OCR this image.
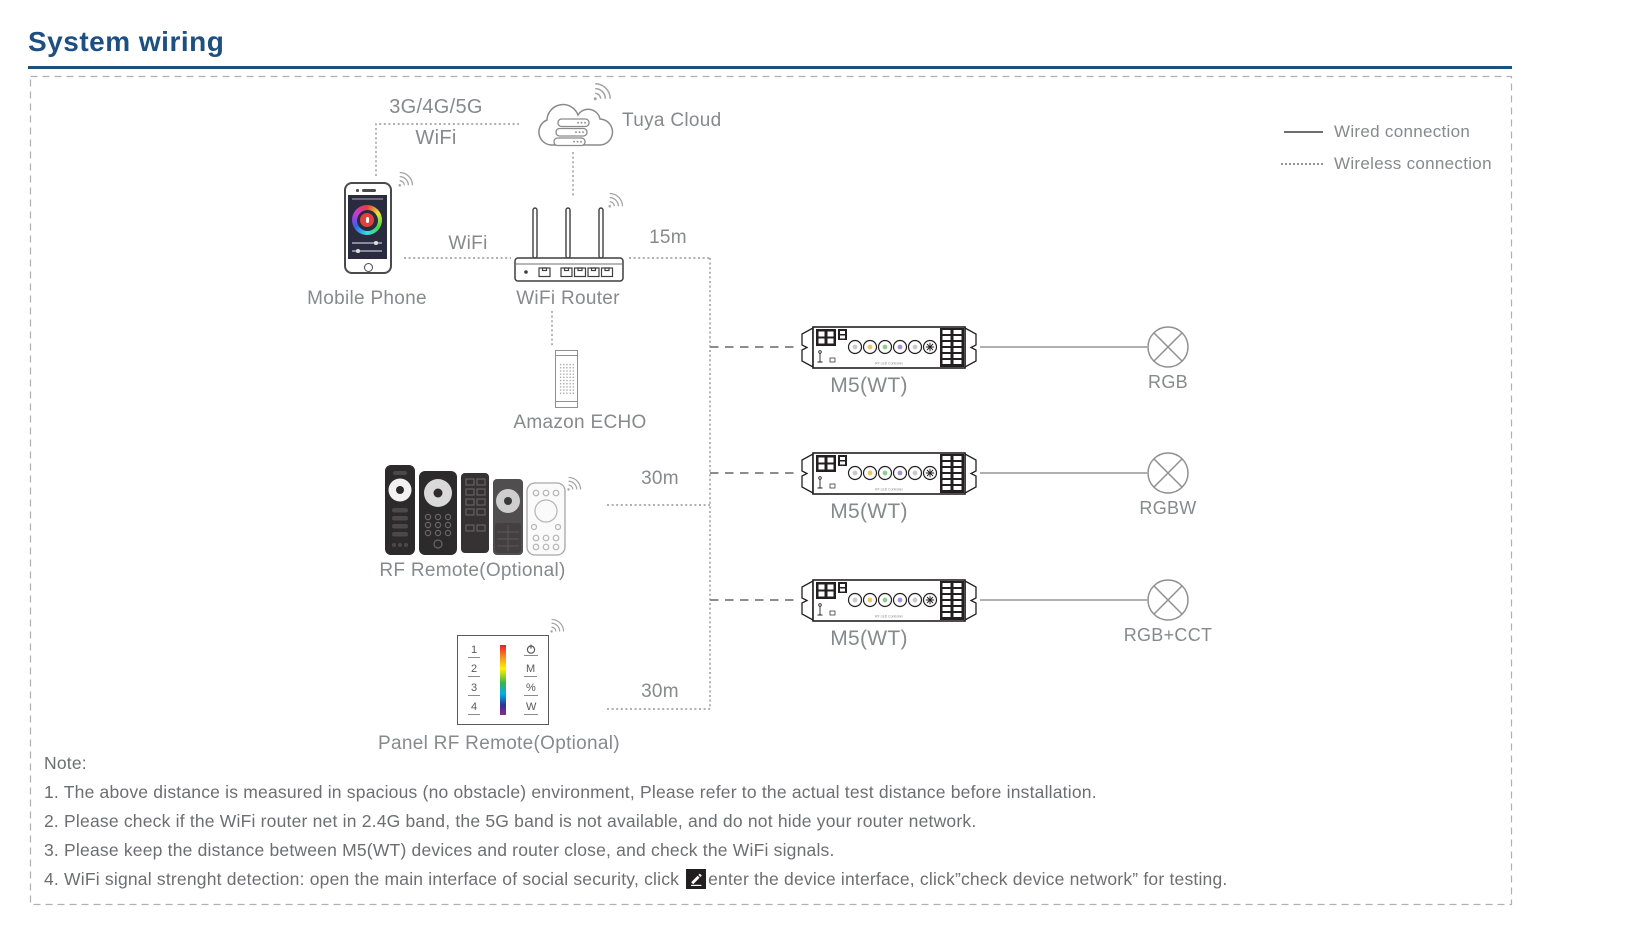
System wiring
Wired connection
Wireless connection
3G/4G/5G
WiFi
Tuya Cloud
WiFi	15m
30m
30m
Mobile Phone	WiFi Router
Amazon ECHO
RF Remote(Optional)
1
2
3
4
M
%
W
Panel RF Remote(Optional)
M5(WT)
M5(WT)
M5(WT)
RGB
RGBW
RGB+CCT
Note:
1. The above distance is measured in spacious (no obstacle) environment, Please refer to the actual test distance before installation.
2. Please check if the WiFi router net in 2.4G band, the 5G band is not available, and do not hide your router network.
3. Please keep the distance between M5(WT) devices and router close, and check the WiFi signals.
4. WiFi signal strenght detection: open the main interface of social security, click enter the device interface, click”check device network” for testing.
